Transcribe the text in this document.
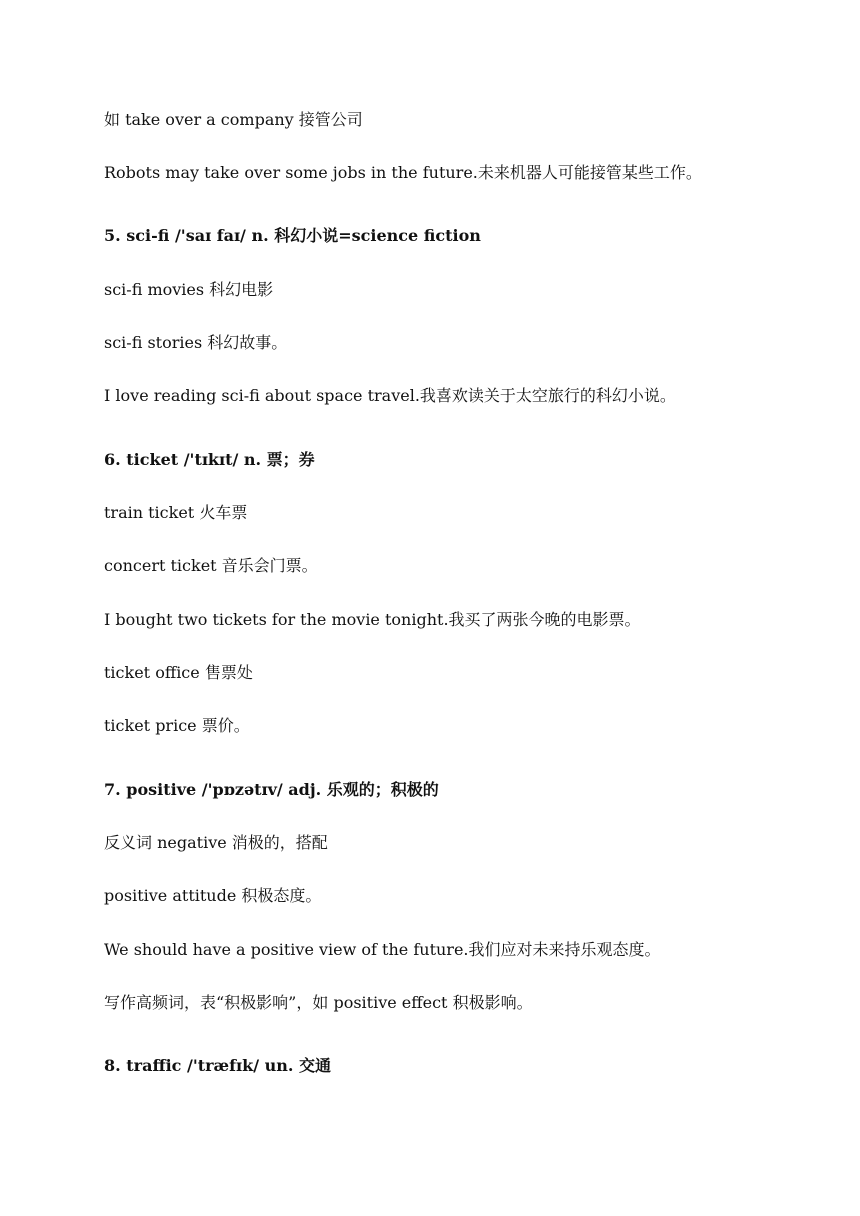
如 take over a company 接管公司
Robots may take over some jobs in the future.未来机器人可能接管某些工作。
5. sci-fi /'saɪ faɪ/ n. 科幻小说=science fiction
sci-fi movies 科幻电影
sci-fi stories 科幻故事。
I love reading sci-fi about space travel.我喜欢读关于太空旅行的科幻小说。
6. ticket /'tɪkɪt/ n. 票；券
train ticket 火车票
concert ticket 音乐会门票。
I bought two tickets for the movie tonight.我买了两张今晚的电影票。
ticket office 售票处
ticket price 票价。
7. positive /'pɒzətɪv/ adj. 乐观的；积极的
反义词 negative 消极的，搭配
positive attitude 积极态度。
We should have a positive view of the future.我们应对未来持乐观态度。
写作高频词，表“积极影响”，如 positive effect 积极影响。
8. traffic /'træfɪk/ un. 交通
